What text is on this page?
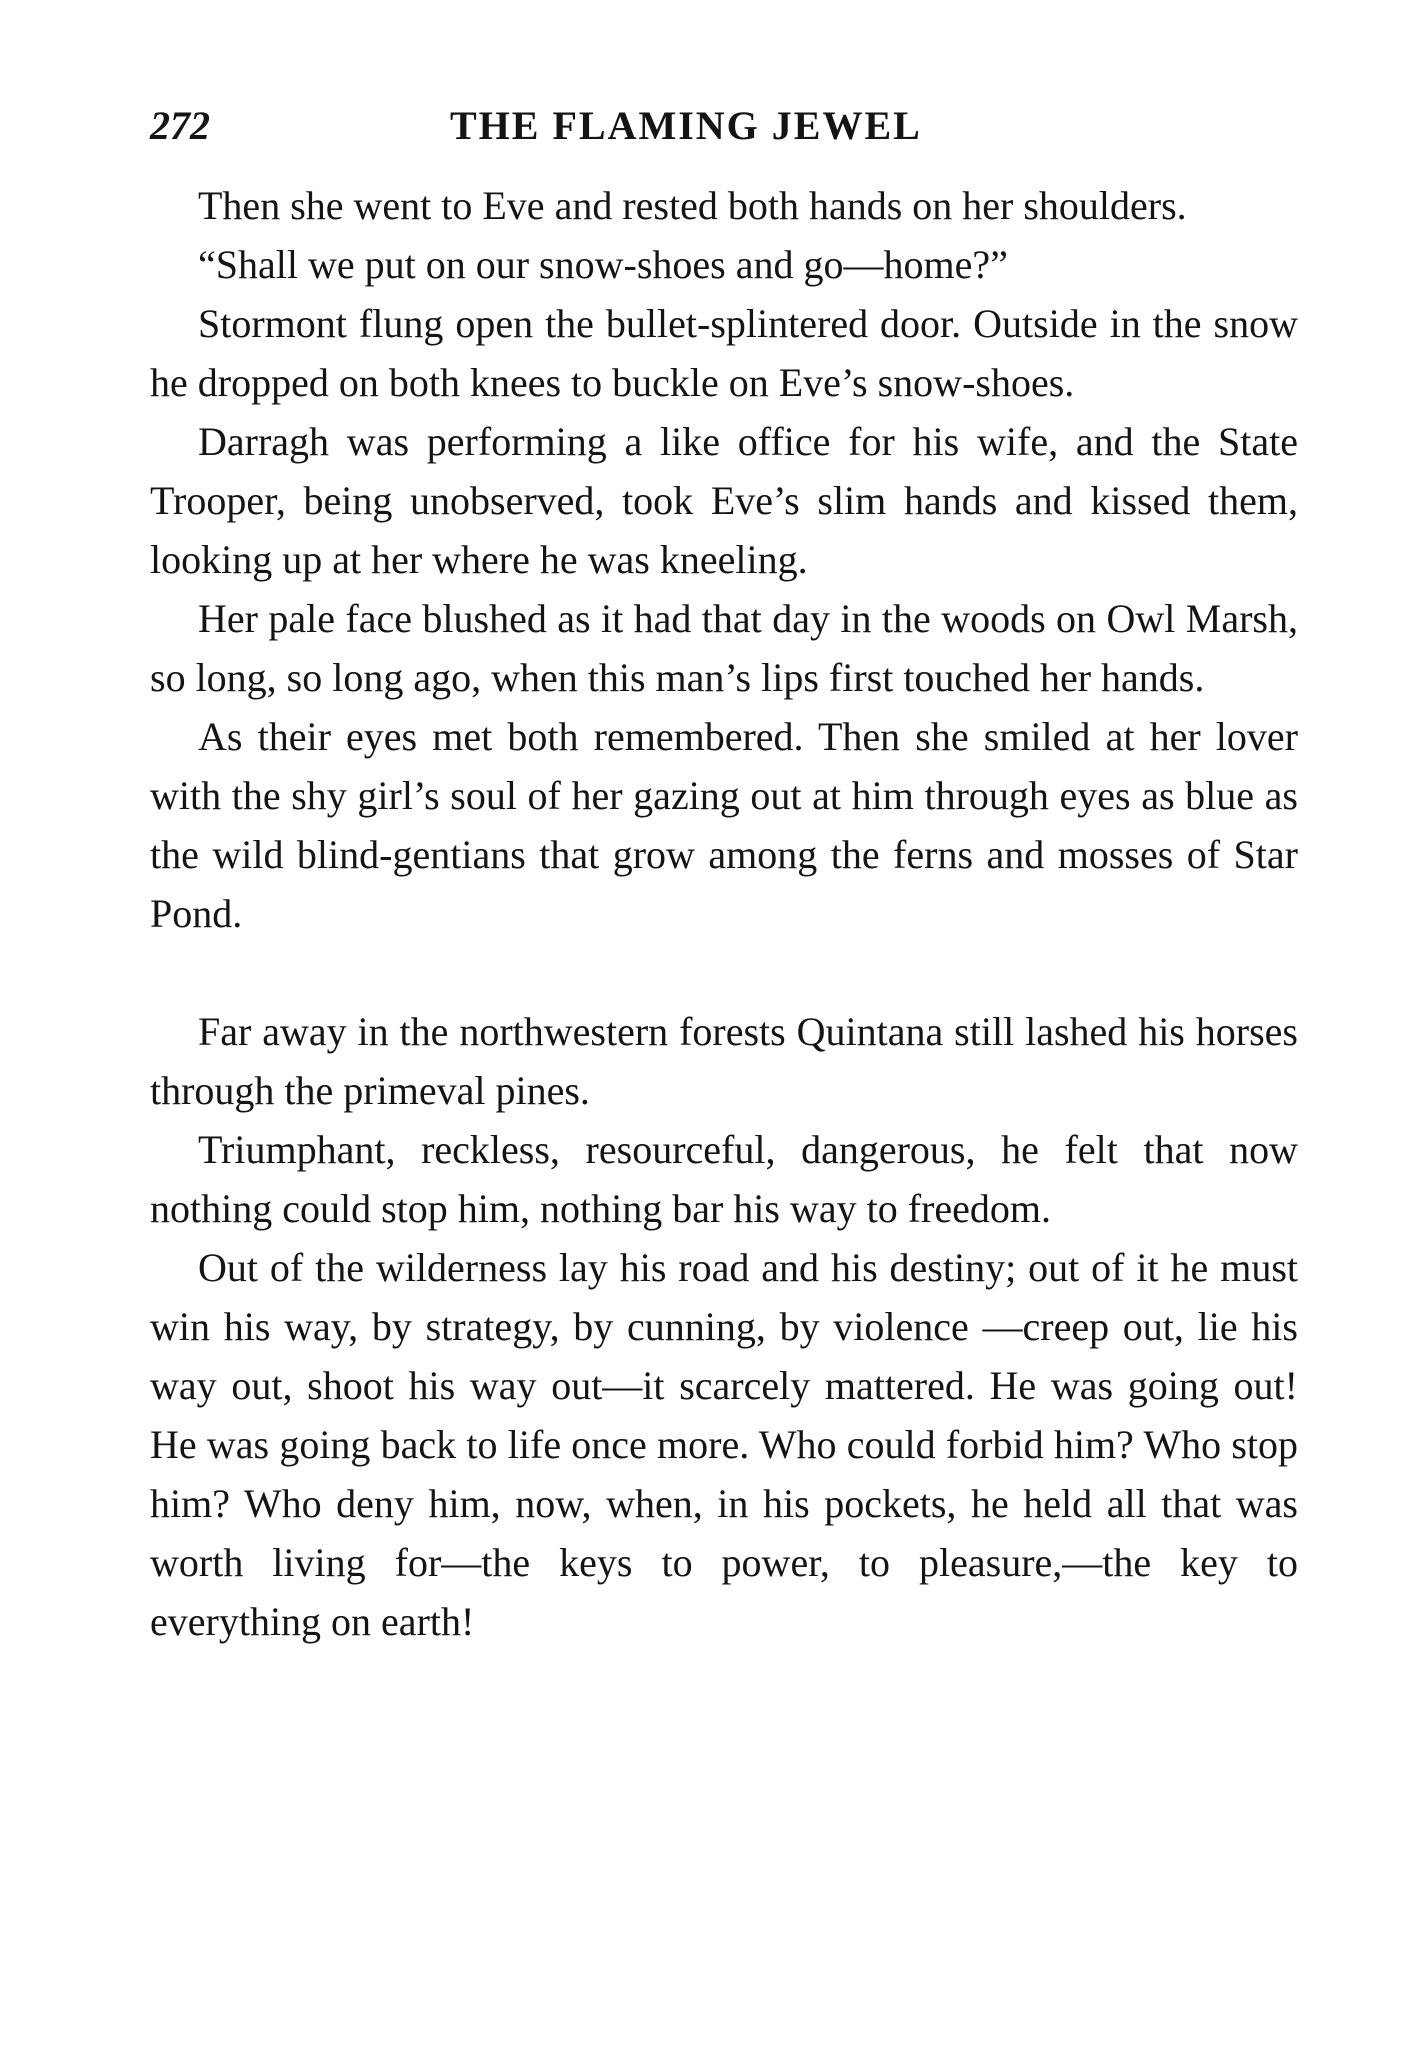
272	THE FLAMING JEWEL

Then she went to Eve and rested both hands on her shoulders.

“Shall we put on our snow-shoes and go—home?”

Stormont flung open the bullet-splintered door. Outside in the snow he dropped on both knees to buckle on Eve’s snow-shoes.

Darragh was performing a like office for his wife, and the State Trooper, being unobserved, took Eve’s slim hands and kissed them, looking up at her where he was kneeling.

Her pale face blushed as it had that day in the woods on Owl Marsh, so long, so long ago, when this man’s lips first touched her hands.

As their eyes met both remembered. Then she smiled at her lover with the shy girl’s soul of her gazing out at him through eyes as blue as the wild blind-gentians that grow among the ferns and mosses of Star Pond.

Far away in the northwestern forests Quintana still lashed his horses through the primeval pines.

Triumphant, reckless, resourceful, dangerous, he felt that now nothing could stop him, nothing bar his way to freedom.

Out of the wilderness lay his road and his destiny; out of it he must win his way, by strategy, by cunning, by violence —creep out, lie his way out, shoot his way out—it scarcely mattered. He was going out! He was going back to life once more. Who could forbid him? Who stop him? Who deny him, now, when, in his pockets, he held all that was worth living for—the keys to power, to pleasure,—the key to everything on earth!
